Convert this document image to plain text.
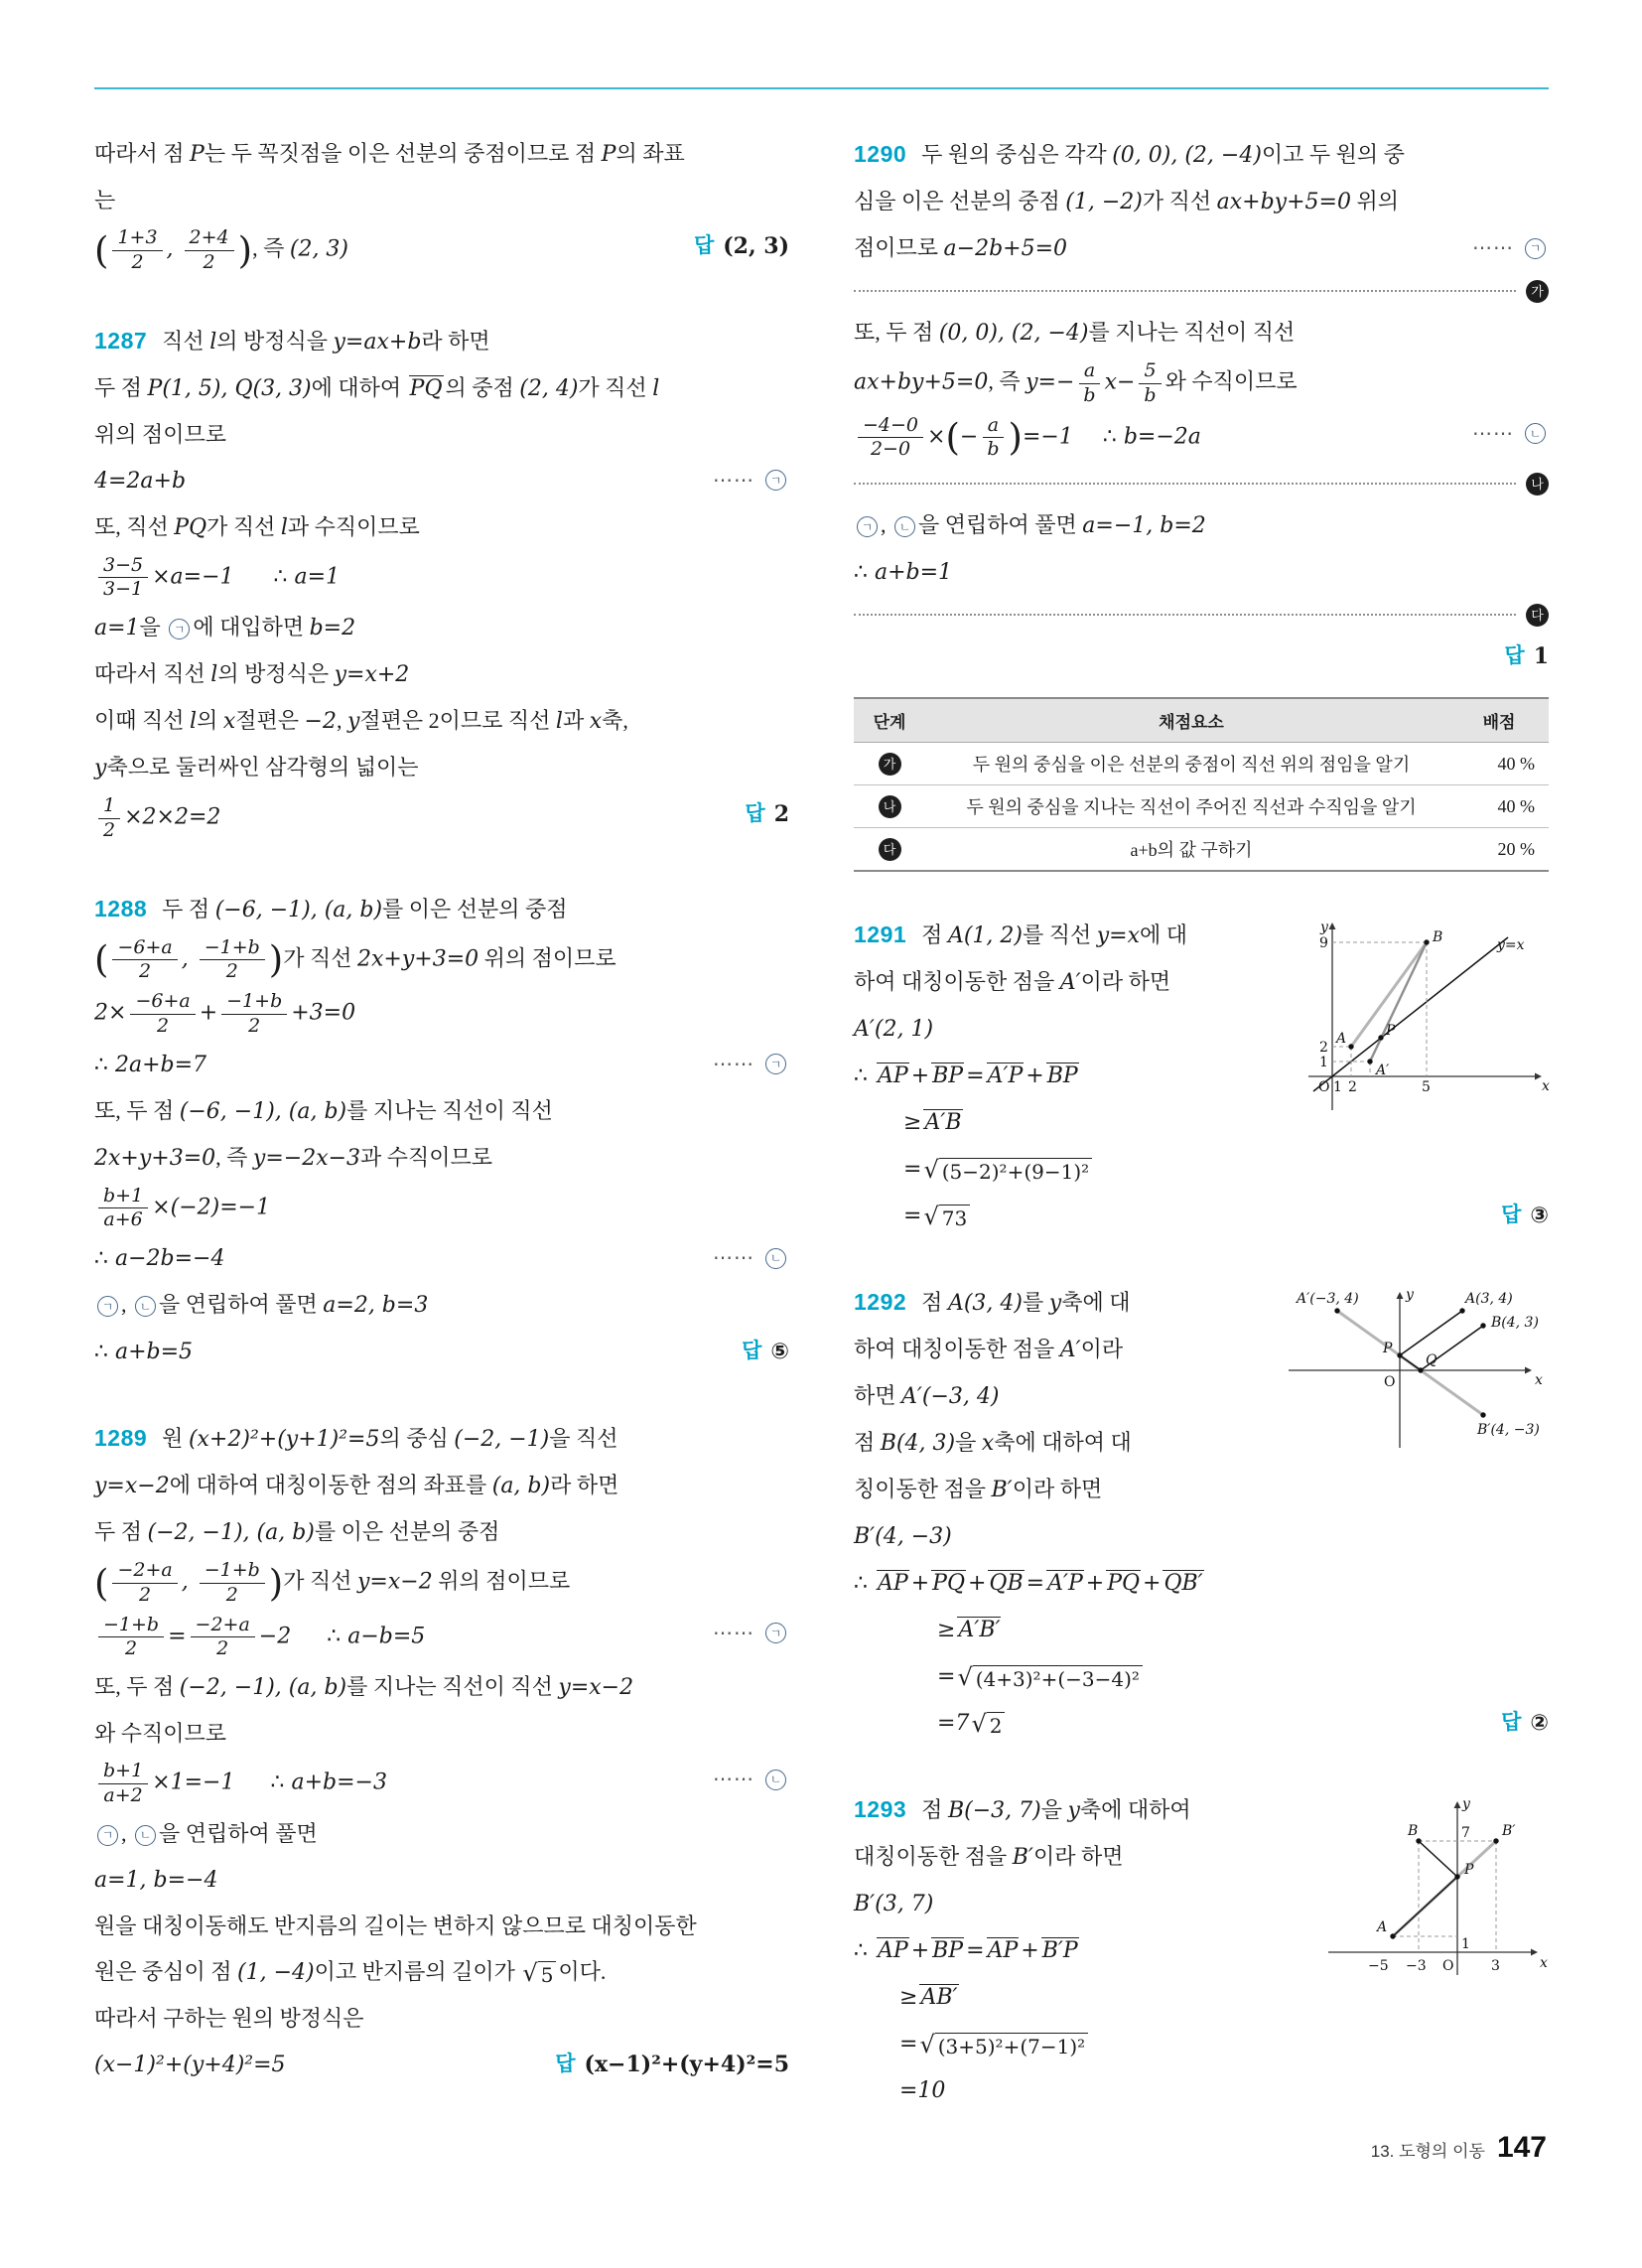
따라서 점 P는 두 꼭짓점을 이은 선분의 중점이므로 점 P의 좌표
는
답 (2, 3)
( $\frac{1+3}{2}$ , $\frac{2+4}{2}$ ), 즉 (2, 3)
1287 직선 l의 방정식을 y=ax+b라 하면
두 점 P(1, 5), Q(3, 3)에 대하여 PQ 의 중점 (2, 4)가 직선 l
위의 점이므로
⋯⋯	ㄱ
4=2a+b
또, 직선 PQ가 직선 l과 수직이므로
$\frac{3-5}{3-1} \times a=-1$ ∴ a=1
a=1을 ㄱ 에 대입하면 b=2
따라서 직선 l의 방정식은 y=x+2
이때 직선 l의 x절편은 −2, y절편은 2이므로 직선 l과 x축,
y축으로 둘러싸인 삼각형의 넓이는
답 2
$\frac{1}{2} \times 2\times 2=2$
1288 두 점 (−6, −1), (a, b)를 이은 선분의 중점
( $\frac{-6+a}{2}$ , $\frac{-1+b}{2}$ )가 직선 2x+y+3=0 위의 점이므로
$2\times \frac{-6+a}{2} + \frac{-1+b}{2} +3=0$
⋯⋯	ㄱ
∴ 2a+b=7
또, 두 점 (−6, −1), (a, b)를 지나는 직선이 직선
2x+y+3=0, 즉 y=−2x−3과 수직이므로
$\frac{b+1}{a+6} \times(-2)=-1$
⋯⋯	ㄴ
∴ a−2b=−4
ㄱ , ㄴ 을 연립하여 풀면 a=2, b=3
답 ⑤
∴ a+b=5
1289 원 (x+2)²+(y+1)²=5의 중심 (−2, −1)을 직선
y=x−2에 대하여 대칭이동한 점의 좌표를 (a, b)라 하면
두 점 (−2, −1), (a, b)를 이은 선분의 중점
( $\frac{-2+a}{2}$ , $\frac{-1+b}{2}$ )가 직선 y=x−2 위의 점이므로
⋯⋯	ㄱ
$\frac{-1+b}{2} = \frac{-2+a}{2} -2$ ∴ a−b=5
또, 두 점 (−2, −1), (a, b)를 지나는 직선이 직선 y=x−2
와 수직이므로
⋯⋯	ㄴ
$\frac{b+1}{a+2} \times 1=-1$ ∴ a+b=−3
ㄱ , ㄴ 을 연립하여 풀면
a=1, b=−4
원을 대칭이동해도 반지름의 길이는 변하지 않으므로 대칭이동한
원은 중심이 점 (1, −4)이고 반지름의 길이가 √ 5 이다.
따라서 구하는 원의 방정식은
답 (x−1)²+(y+4)²=5
(x−1)²+(y+4)²=5
1290 두 원의 중심은 각각 (0, 0), (2, −4)이고 두 원의 중
심을 이은 선분의 중점 (1, −2)가 직선 ax+by+5=0 위의
⋯⋯	ㄱ
점이므로 a−2b+5=0
가
또, 두 점 (0, 0), (2, −4)를 지나는 직선이 직선
ax+by+5=0, 즉 $y=- \frac{a}{b} x- \frac{5}{b}$ 와 수직이므로
⋯⋯	ㄴ
$\frac{-4-0}{2-0}$ ×(− $\frac{a}{b} )=-1$ ∴ b=−2a
나
ㄱ , ㄴ 을 연립하여 풀면 a=−1, b=2
∴ a+b=1
다
답 1
단계	채점요소	배점
가	두 원의 중심을 이은 선분의 중점이 직선 위의 점임을 알기	40 %
나	두 원의 중심을 지나는 직선이 주어진 직선과 수직임을 알기	40 %
다	a+b의 값 구하기	20 %
1291 점 A(1, 2)를 직선 y=x에 대
하여 대칭이동한 점을 A′이라 하면
A′(2, 1)
∴ AP + BP = A′P + BP
≥ A′B
= √ (5−2)²+(9−1)²
답 ③
= √ 73
y
x
O 1 2	5
9
2
1
A
A′
B
P
y=x
1292 점 A(3, 4)를 y축에 대
하여 대칭이동한 점을 A′이라
하면 A′(−3, 4)
점 B(4, 3)을 x축에 대하여 대
칭이동한 점을 B′이라 하면
B′(4, −3)
∴ AP + PQ + QB = A′P + PQ + QB′
≥ A′B′
= √ (4+3)²+(−3−4)²
답 ②
=7 √ 2
A′(−3, 4)	A(3, 4)
B(4, 3)
B′(4, −3)
P
Q
O	x
y
1293 점 B(−3, 7)을 y축에 대하여
대칭이동한 점을 B′이라 하면
B′(3, 7)
∴ AP + BP = AP + B′P
≥ AB′
= √ (3+5)²+(7−1)²
=10
B	B′
7
A
P
1
−5 −3	3
O	x
y
13. 도형의 이동 147
